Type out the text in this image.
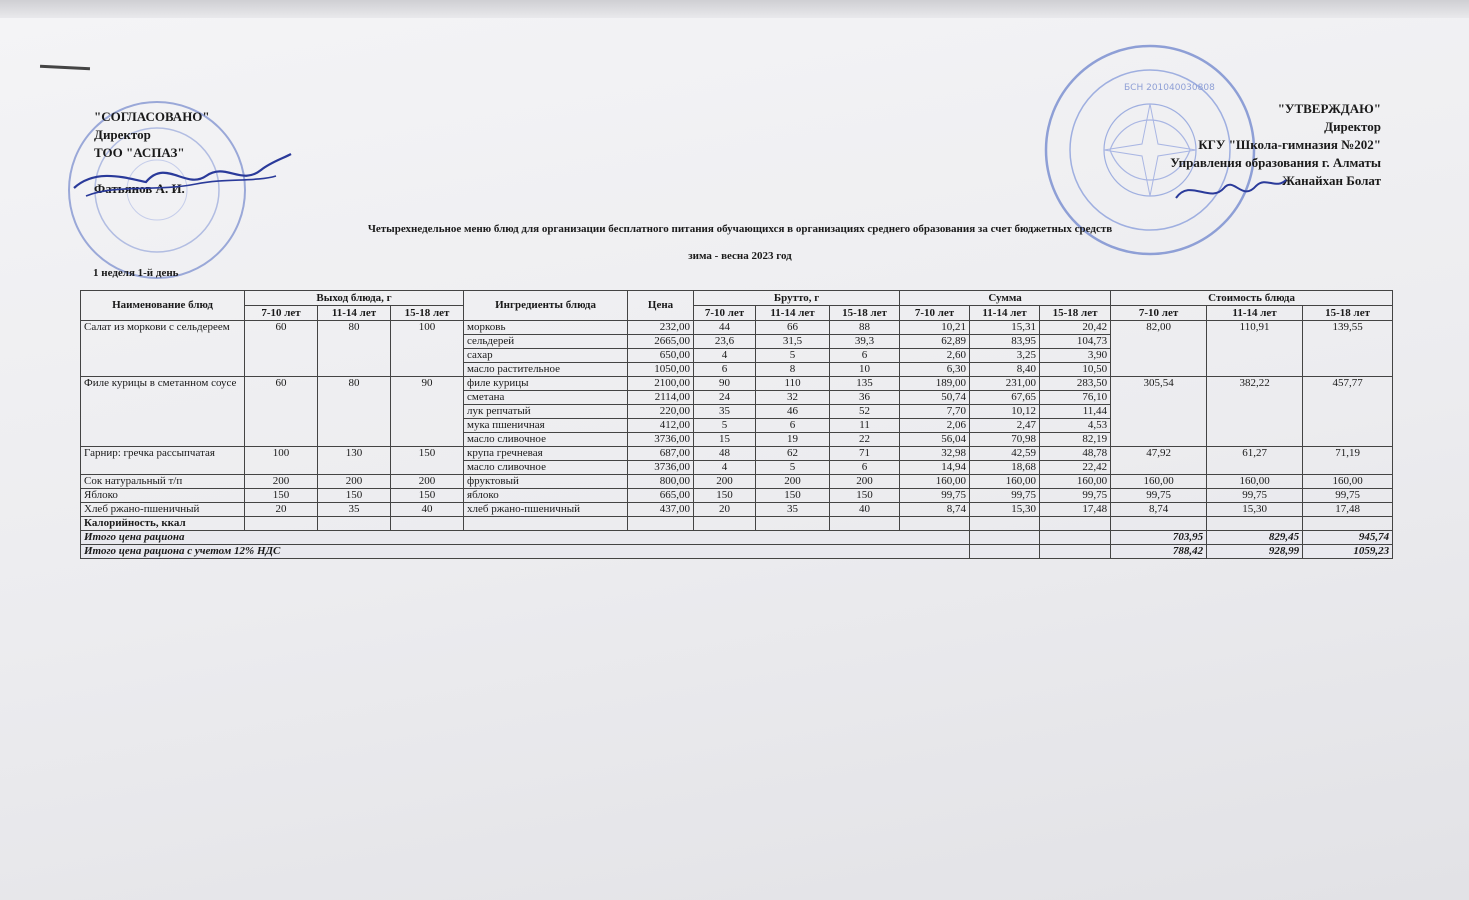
"СОГЛАСОВАНО"
Директор
ТОО "АСПАЗ"
Фатьянов А. И.
БСН 201040030808
"УТВЕРЖДАЮ"
Директор
КГУ "Школа-гимназия №202"
Управления образования г. Алматы
Жанайхан Болат
Четырехнедельное меню блюд для организации бесплатного питания обучающихся в организациях среднего образования за счет бюджетных средств
зима - весна 2023 год
1 неделя 1-й день
Наименование блюд	Выход блюда, г			Ингредиенты блюда	Цена	Брутто, г			Сумма			Стоимость блюда		
	7-10 лет	11-14 лет	15-18 лет			7-10 лет	11-14 лет	15-18 лет	7-10 лет	11-14 лет	15-18 лет	7-10 лет	11-14 лет	15-18 лет
Салат из моркови с сельдереем	60	80	100	морковь	232,00	44	66	88	10,21	15,31	20,42	82,00	110,91	139,55
				сельдерей	2665,00	23,6	31,5	39,3	62,89	83,95	104,73			
				сахар	650,00	4	5	6	2,60	3,25	3,90			
				масло растительное	1050,00	6	8	10	6,30	8,40	10,50			
Филе курицы в сметанном соусе	60	80	90	филе курицы	2100,00	90	110	135	189,00	231,00	283,50	305,54	382,22	457,77
				сметана	2114,00	24	32	36	50,74	67,65	76,10			
				лук репчатый	220,00	35	46	52	7,70	10,12	11,44			
				мука пшеничная	412,00	5	6	11	2,06	2,47	4,53			
				масло сливочное	3736,00	15	19	22	56,04	70,98	82,19			
Гарнир: гречка рассыпчатая	100	130	150	крупа гречневая	687,00	48	62	71	32,98	42,59	48,78	47,92	61,27	71,19
				масло сливочное	3736,00	4	5	6	14,94	18,68	22,42			
Сок натуральный т/п	200	200	200	фруктовый	800,00	200	200	200	160,00	160,00	160,00	160,00	160,00	160,00
Яблоко	150	150	150	яблоко	665,00	150	150	150	99,75	99,75	99,75	99,75	99,75	99,75
Хлеб ржано-пшеничный	20	35	40	хлеб ржано-пшеничный	437,00	20	35	40	8,74	15,30	17,48	8,74	15,30	17,48
Калорийность, ккал														
Итого цена рациона												703,95	829,45	945,74
Итого цена рациона с учетом 12% НДС												788,42	928,99	1059,23
